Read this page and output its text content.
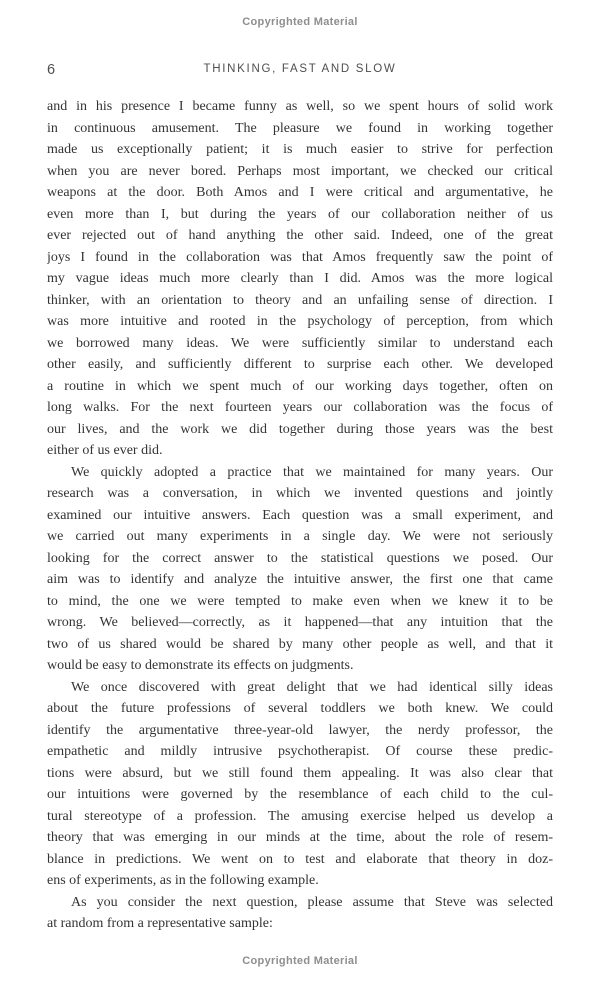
Copyrighted Material
6	THINKING, FAST AND SLOW
and in his presence I became funny as well, so we spent hours of solid work
in continuous amusement. The pleasure we found in working together
made us exceptionally patient; it is much easier to strive for perfection
when you are never bored. Perhaps most important, we checked our critical
weapons at the door. Both Amos and I were critical and argumentative, he
even more than I, but during the years of our collaboration neither of us
ever rejected out of hand anything the other said. Indeed, one of the great
joys I found in the collaboration was that Amos frequently saw the point of
my vague ideas much more clearly than I did. Amos was the more logical
thinker, with an orientation to theory and an unfailing sense of direction. I
was more intuitive and rooted in the psychology of perception, from which
we borrowed many ideas. We were sufficiently similar to understand each
other easily, and sufficiently different to surprise each other. We developed
a routine in which we spent much of our working days together, often on
long walks. For the next fourteen years our collaboration was the focus of
our lives, and the work we did together during those years was the best
either of us ever did.
We quickly adopted a practice that we maintained for many years. Our
research was a conversation, in which we invented questions and jointly
examined our intuitive answers. Each question was a small experiment, and
we carried out many experiments in a single day. We were not seriously
looking for the correct answer to the statistical questions we posed. Our
aim was to identify and analyze the intuitive answer, the first one that came
to mind, the one we were tempted to make even when we knew it to be
wrong. We believed—correctly, as it happened—that any intuition that the
two of us shared would be shared by many other people as well, and that it
would be easy to demonstrate its effects on judgments.
We once discovered with great delight that we had identical silly ideas
about the future professions of several toddlers we both knew. We could
identify the argumentative three-year-old lawyer, the nerdy professor, the
empathetic and mildly intrusive psychotherapist. Of course these predic-
tions were absurd, but we still found them appealing. It was also clear that
our intuitions were governed by the resemblance of each child to the cul-
tural stereotype of a profession. The amusing exercise helped us develop a
theory that was emerging in our minds at the time, about the role of resem-
blance in predictions. We went on to test and elaborate that theory in doz-
ens of experiments, as in the following example.
As you consider the next question, please assume that Steve was selected
at random from a representative sample:
Copyrighted Material
